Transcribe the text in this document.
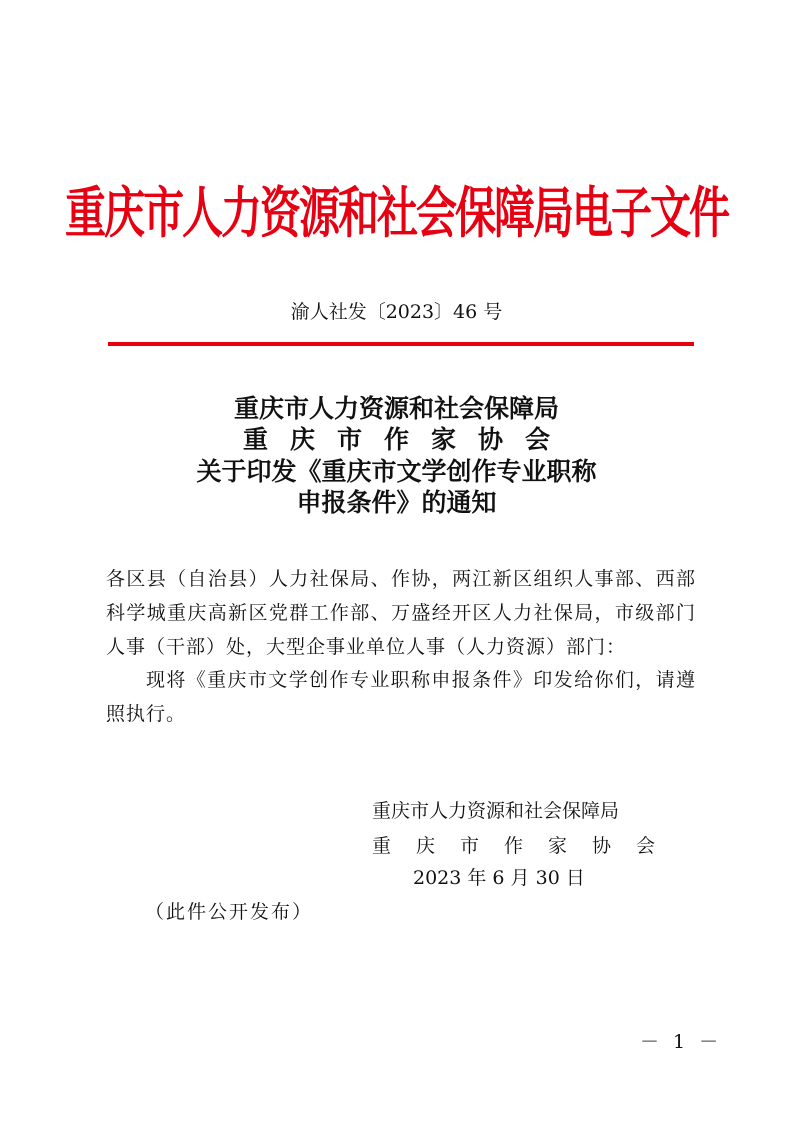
重庆市人力资源和社会保障局电子文件
渝人社发〔2023〕46 号
重庆市人力资源和社会保障局
重庆市作家协会
关于印发《重庆市文学创作专业职称
申报条件》的通知

各区县（自治县）人力社保局、作协，两江新区组织人事部、西部科学城重庆高新区党群工作部、万盛经开区人力社保局，市级部门人事（干部）处，大型企事业单位人事（人力资源）部门：

现将《重庆市文学创作专业职称申报条件》印发给你们，请遵照执行。

重庆市人力资源和社会保障局
重庆市作家协会
2023 年 6 月 30 日
（此件公开发布）
－ 1 －
